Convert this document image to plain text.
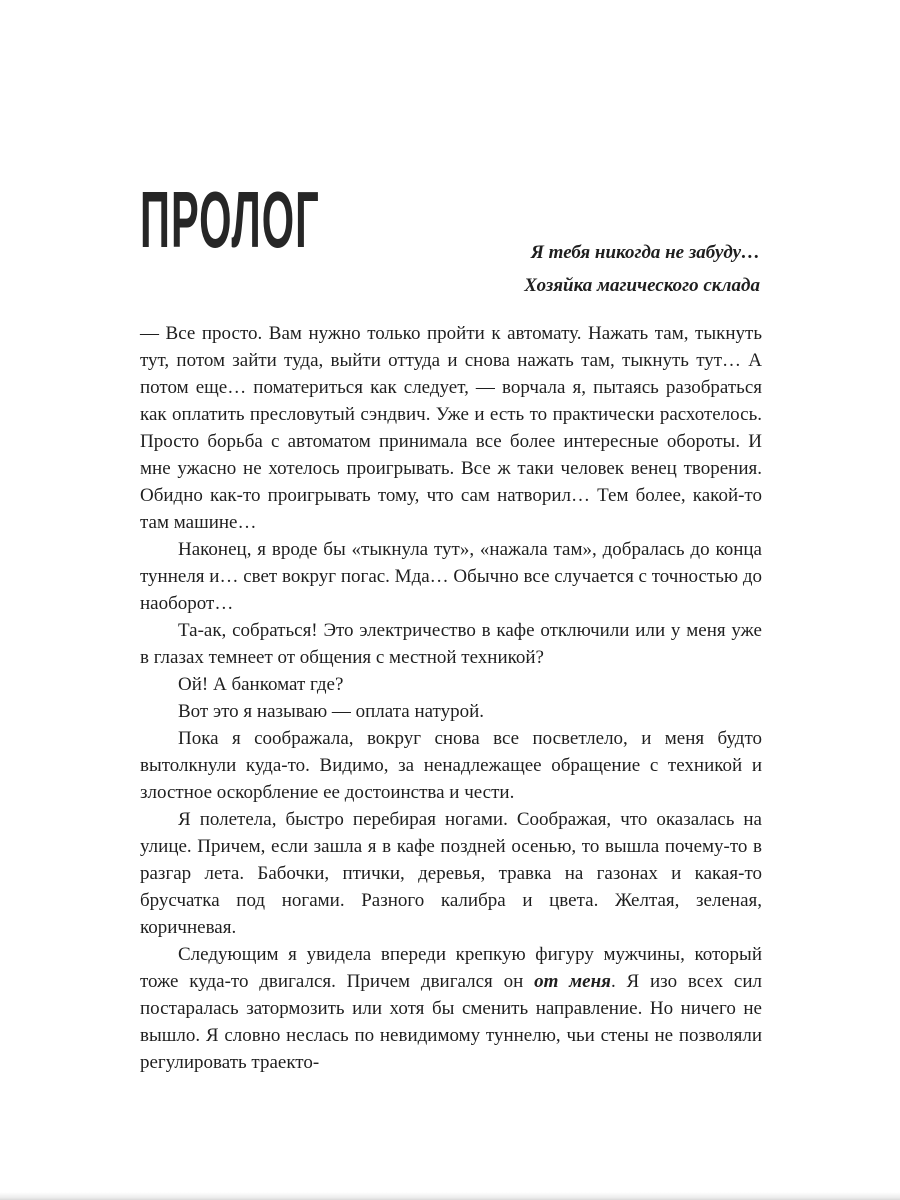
ПРОЛОГ	Я тебя никогда не забуду…
Хозяйка магического склада

— Все просто. Вам нужно только пройти к автомату. Нажать там, тыкнуть тут, потом зайти туда, выйти оттуда и снова нажать там, тыкнуть тут… А потом еще… поматериться как следует, — ворчала я, пытаясь разобраться как оплатить пресловутый сэндвич. Уже и есть то практически расхотелось. Просто борьба с автоматом принимала все более интересные обороты. И мне ужасно не хотелось проигрывать. Все ж таки человек венец творения. Обидно как-то проигрывать тому, что сам натворил… Тем более, какой-то там машине…

Наконец, я вроде бы «тыкнула тут», «нажала там», добралась до конца туннеля и… свет вокруг погас. Мда… Обычно все случается с точностью до наоборот…

Та-ак, собраться! Это электричество в кафе отключили или у меня уже в глазах темнеет от общения с местной техникой?

Ой! А банкомат где?

Вот это я называю — оплата натурой.

Пока я соображала, вокруг снова все посветлело, и меня будто вытолкнули куда-то. Видимо, за ненадлежащее обращение с техникой и злостное оскорбление ее достоинства и чести.

Я полетела, быстро перебирая ногами. Соображая, что оказалась на улице. Причем, если зашла я в кафе поздней осенью, то вышла почему-то в разгар лета. Бабочки, птички, деревья, травка на газонах и какая-то брусчатка под ногами. Разного калибра и цвета. Желтая, зеленая, коричневая.

Следующим я увидела впереди крепкую фигуру мужчины, который тоже куда-то двигался. Причем двигался он от меня. Я изо всех сил постаралась затормозить или хотя бы сменить направление. Но ничего не вышло. Я словно неслась по невидимому туннелю, чьи стены не позволяли регулировать траекто-
